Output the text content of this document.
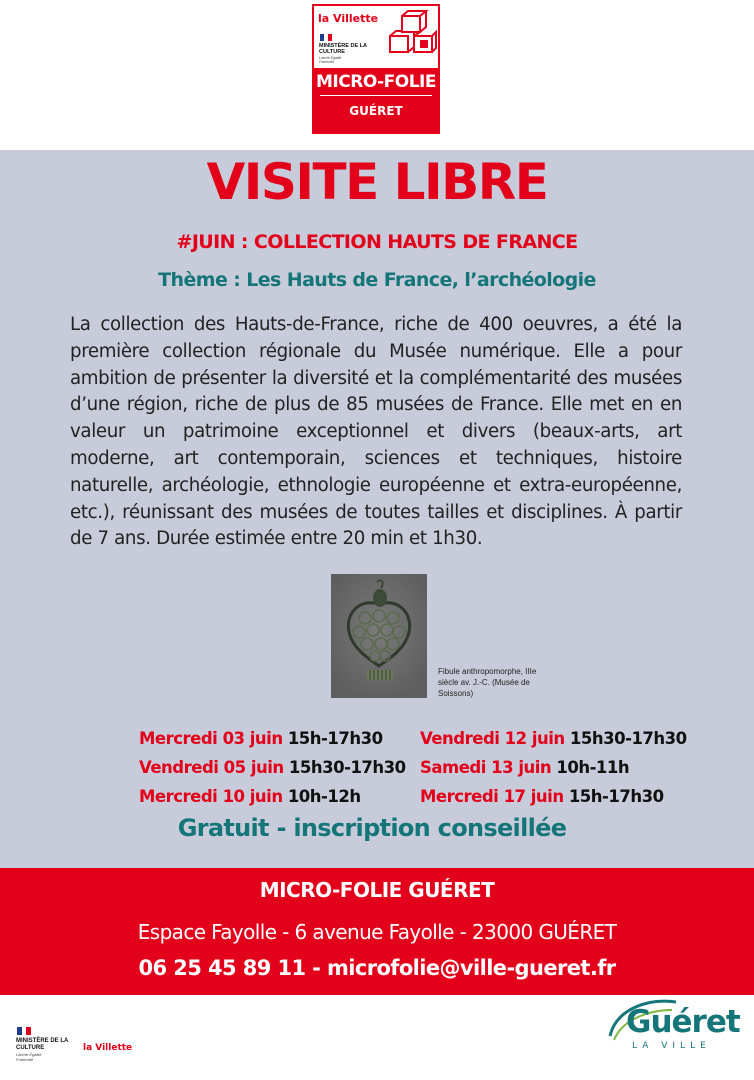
la Villette
MINISTÈRE DE LA CULTURE
Liberté Égalité Fraternité
MICRO-FOLIE
GUÉRET
VISITE LIBRE
#JUIN : COLLECTION HAUTS DE FRANCE
Thème : Les Hauts de France, l’archéologie
La collection des Hauts-de-France, riche de 400 oeuvres, a été la première collection régionale du Musée numérique. Elle a pour ambition de présenter la diversité et la complémentarité des musées d’une région, riche de plus de 85 musées de France. Elle met en en valeur un patrimoine exceptionnel et divers (beaux-arts, art moderne, art contemporain, sciences et techniques, histoire naturelle, archéologie, ethnologie européenne et extra-européenne, etc.), réunissant des musées de toutes tailles et disciplines. À partir de 7 ans. Durée estimée entre 20 min et 1h30.
Fibule anthropomorphe, IIIe siècle av. J.-C. (Musée de Soissons)
Mercredi 03 juin 15h-17h30
Vendredi 05 juin 15h30-17h30
Mercredi 10 juin 10h-12h
Vendredi 12 juin 15h30-17h30
Samedi 13 juin 10h-11h
Mercredi 17 juin 15h-17h30
Gratuit - inscription conseillée
MICRO-FOLIE GUÉRET
Espace Fayolle - 6 avenue Fayolle - 23000 GUÉRET
06 25 45 89 11 - microfolie@ville-gueret.fr
MINISTÈRE DE LA CULTURE
Liberté Égalité Fraternité
la Villette
Guéret
LA VILLE
